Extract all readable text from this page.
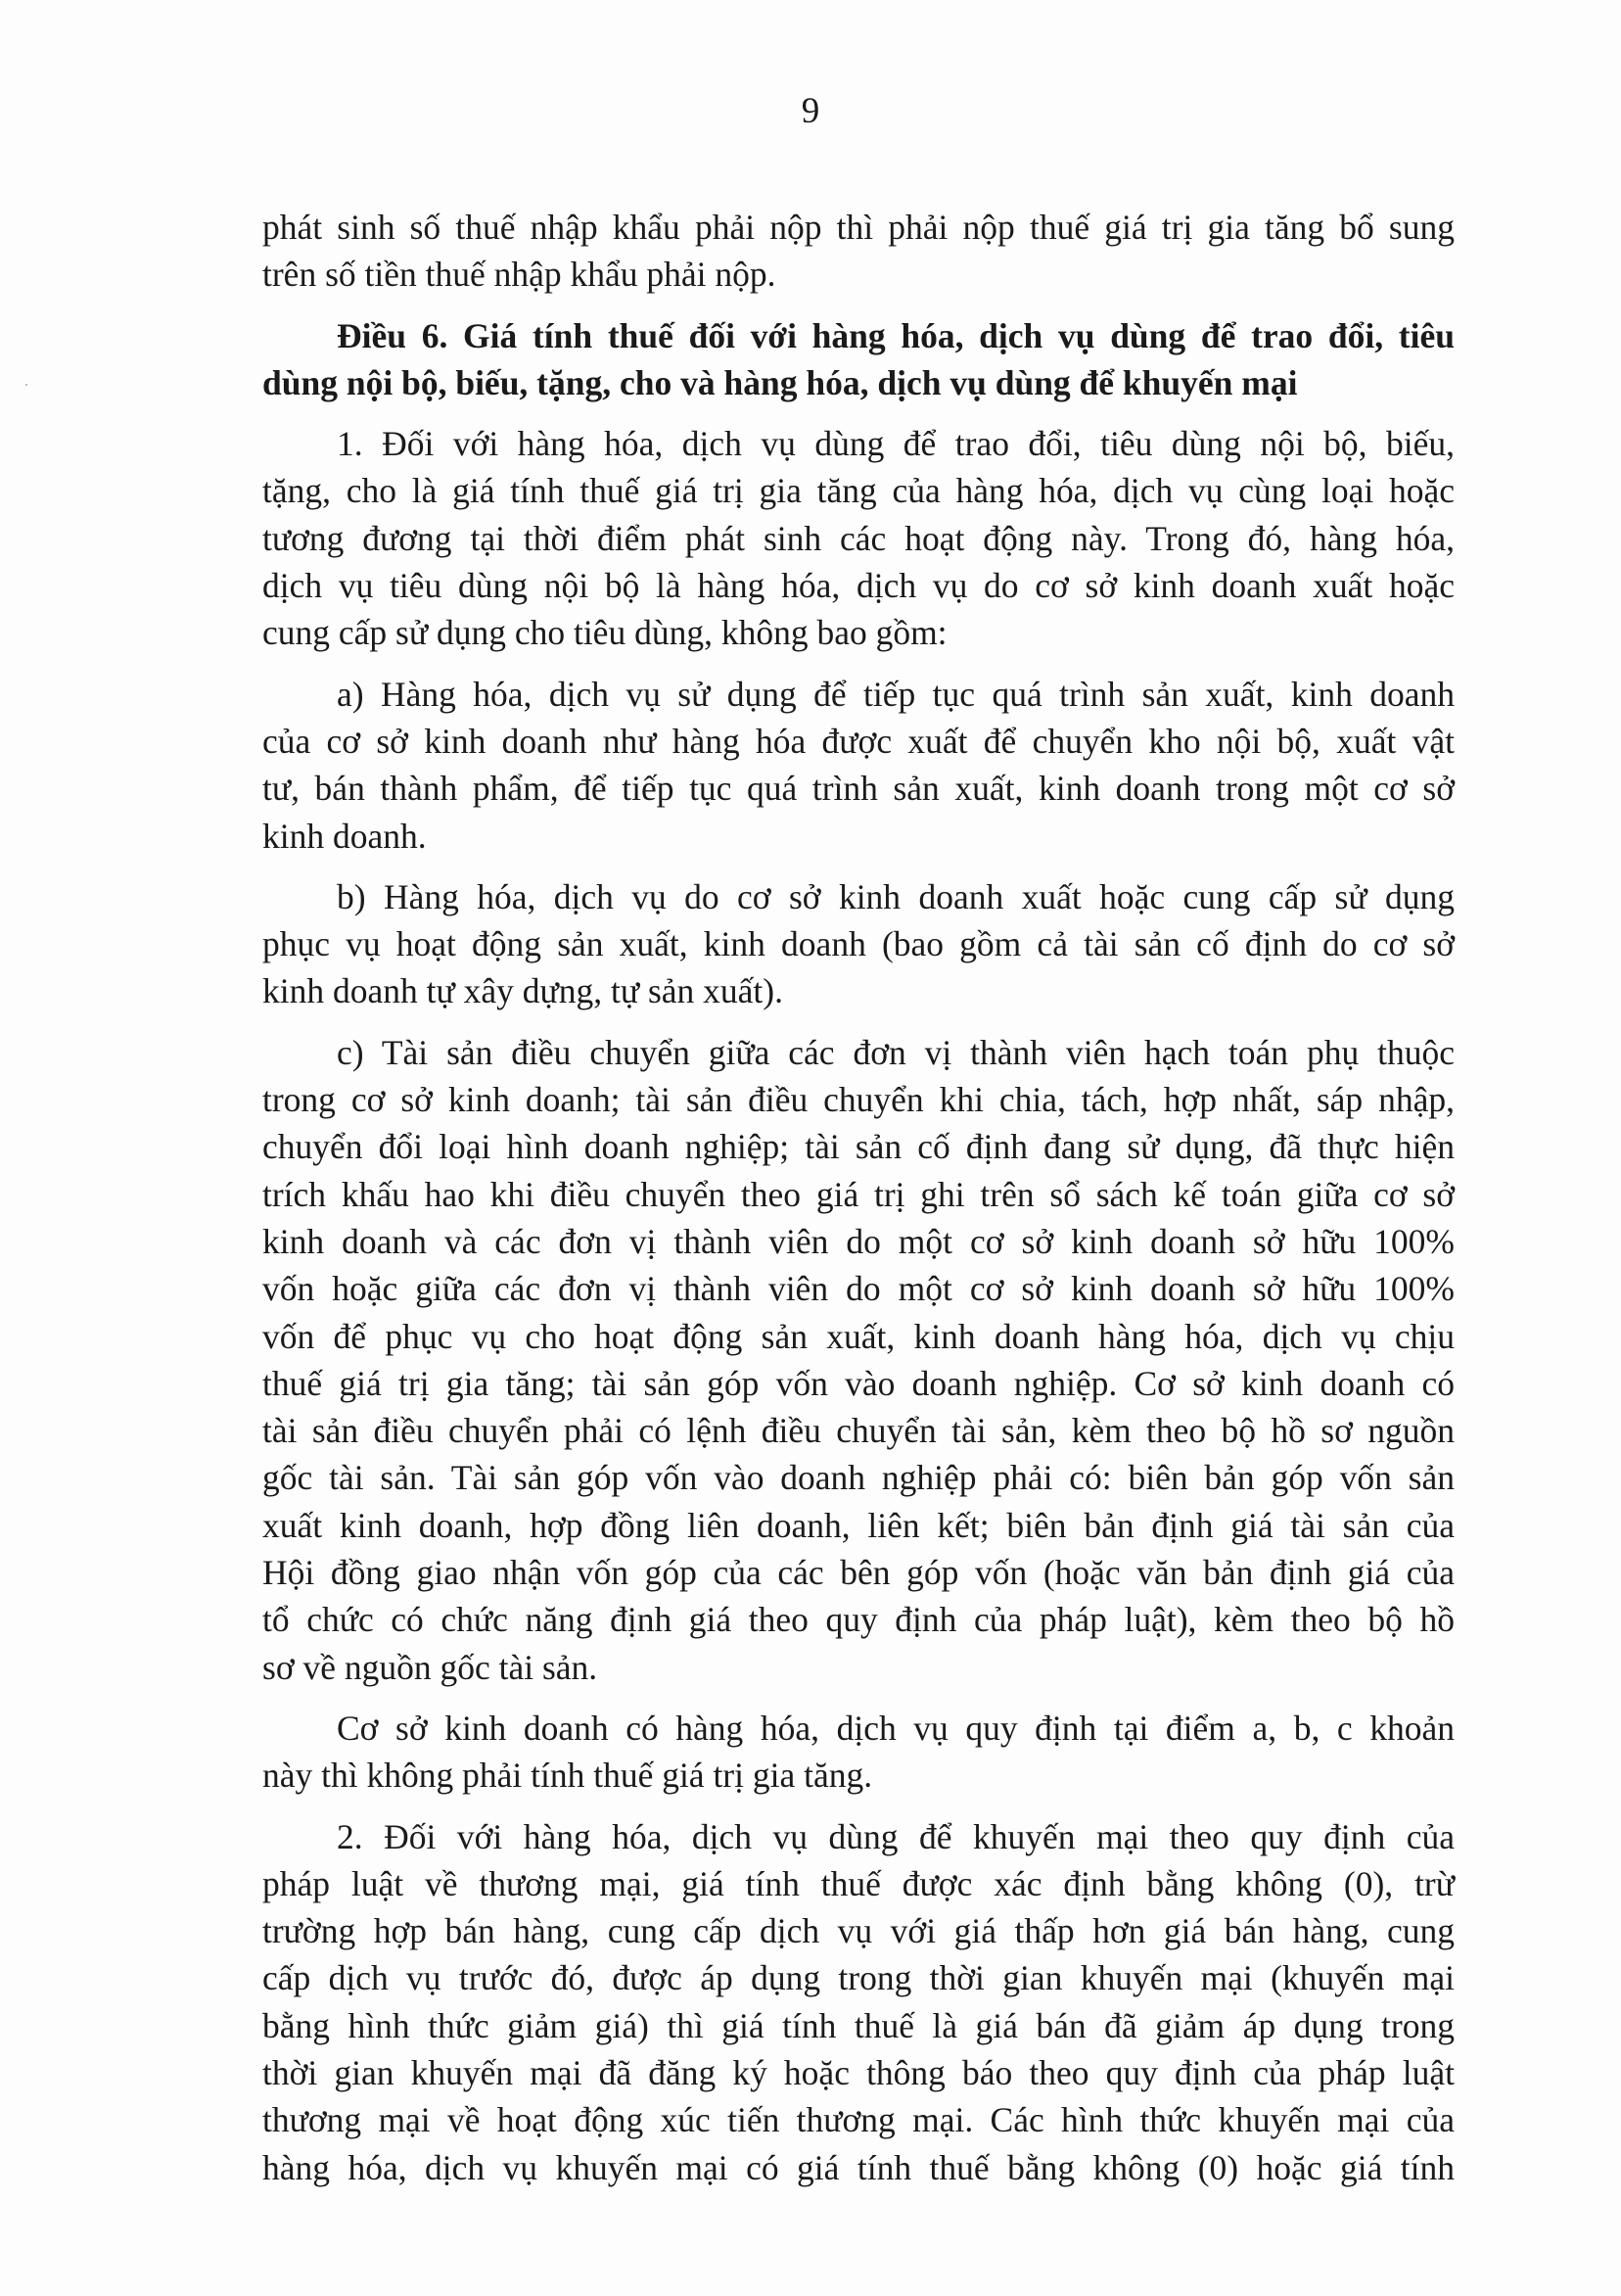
9
phát sinh số thuế nhập khẩu phải nộp thì phải nộp thuế giá trị gia tăng bổ sung
trên số tiền thuế nhập khẩu phải nộp.
Điều 6. Giá tính thuế đối với hàng hóa, dịch vụ dùng để trao đổi, tiêu
dùng nội bộ, biếu, tặng, cho và hàng hóa, dịch vụ dùng để khuyến mại
1. Đối với hàng hóa, dịch vụ dùng để trao đổi, tiêu dùng nội bộ, biếu,
tặng, cho là giá tính thuế giá trị gia tăng của hàng hóa, dịch vụ cùng loại hoặc
tương đương tại thời điểm phát sinh các hoạt động này. Trong đó, hàng hóa,
dịch vụ tiêu dùng nội bộ là hàng hóa, dịch vụ do cơ sở kinh doanh xuất hoặc
cung cấp sử dụng cho tiêu dùng, không bao gồm:
a) Hàng hóa, dịch vụ sử dụng để tiếp tục quá trình sản xuất, kinh doanh
của cơ sở kinh doanh như hàng hóa được xuất để chuyển kho nội bộ, xuất vật
tư, bán thành phẩm, để tiếp tục quá trình sản xuất, kinh doanh trong một cơ sở
kinh doanh.
b) Hàng hóa, dịch vụ do cơ sở kinh doanh xuất hoặc cung cấp sử dụng
phục vụ hoạt động sản xuất, kinh doanh (bao gồm cả tài sản cố định do cơ sở
kinh doanh tự xây dựng, tự sản xuất).
c) Tài sản điều chuyển giữa các đơn vị thành viên hạch toán phụ thuộc
trong cơ sở kinh doanh; tài sản điều chuyển khi chia, tách, hợp nhất, sáp nhập,
chuyển đổi loại hình doanh nghiệp; tài sản cố định đang sử dụng, đã thực hiện
trích khấu hao khi điều chuyển theo giá trị ghi trên sổ sách kế toán giữa cơ sở
kinh doanh và các đơn vị thành viên do một cơ sở kinh doanh sở hữu 100%
vốn hoặc giữa các đơn vị thành viên do một cơ sở kinh doanh sở hữu 100%
vốn để phục vụ cho hoạt động sản xuất, kinh doanh hàng hóa, dịch vụ chịu
thuế giá trị gia tăng; tài sản góp vốn vào doanh nghiệp. Cơ sở kinh doanh có
tài sản điều chuyển phải có lệnh điều chuyển tài sản, kèm theo bộ hồ sơ nguồn
gốc tài sản. Tài sản góp vốn vào doanh nghiệp phải có: biên bản góp vốn sản
xuất kinh doanh, hợp đồng liên doanh, liên kết; biên bản định giá tài sản của
Hội đồng giao nhận vốn góp của các bên góp vốn (hoặc văn bản định giá của
tổ chức có chức năng định giá theo quy định của pháp luật), kèm theo bộ hồ
sơ về nguồn gốc tài sản.
Cơ sở kinh doanh có hàng hóa, dịch vụ quy định tại điểm a, b, c khoản
này thì không phải tính thuế giá trị gia tăng.
2. Đối với hàng hóa, dịch vụ dùng để khuyến mại theo quy định của
pháp luật về thương mại, giá tính thuế được xác định bằng không (0), trừ
trường hợp bán hàng, cung cấp dịch vụ với giá thấp hơn giá bán hàng, cung
cấp dịch vụ trước đó, được áp dụng trong thời gian khuyến mại (khuyến mại
bằng hình thức giảm giá) thì giá tính thuế là giá bán đã giảm áp dụng trong
thời gian khuyến mại đã đăng ký hoặc thông báo theo quy định của pháp luật
thương mại về hoạt động xúc tiến thương mại. Các hình thức khuyến mại của
hàng hóa, dịch vụ khuyến mại có giá tính thuế bằng không (0) hoặc giá tính
